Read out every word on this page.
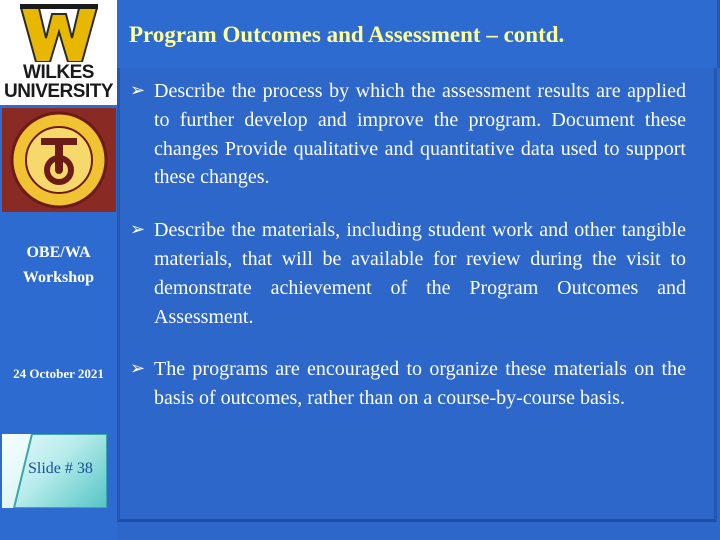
Program Outcomes and Assessment – contd.
WILKES
UNIVERSITY
OBE/WA Workshop
24 October 2021
Slide # 38
➢ Describe the process by which the assessment results are applied to further develop and improve the program. Document these changes Provide qualitative and quantitative data used to support these changes.
➢ Describe the materials, including student work and other tangible materials, that will be available for review during the visit to demonstrate achievement of the Program Outcomes and Assessment.
➢ The programs are encouraged to organize these materials on the basis of outcomes, rather than on a course-by-course basis.
